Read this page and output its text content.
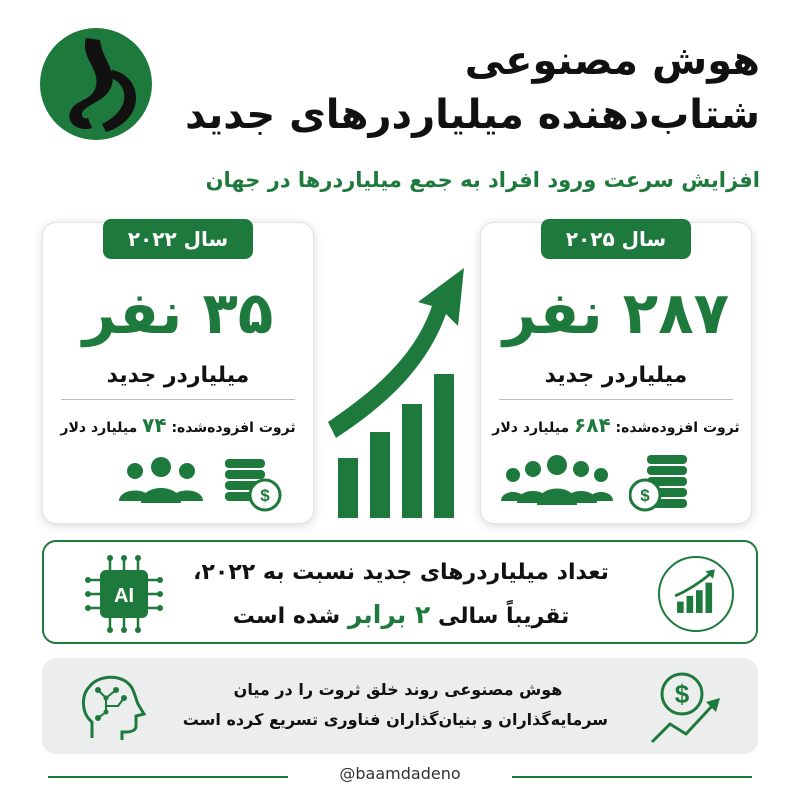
هوش مصنوعی
شتاب‌دهنده میلیاردرهای جدید
افزایش سرعت ورود افراد به جمع میلیاردرها در جهان
سال ۲۰۲۲
۳۵ نفر
میلیاردر جدید
ثروت افزوده‌شده: ۷۴ میلیارد دلار
$
سال ۲۰۲۵
۲۸۷ نفر
میلیاردر جدید
ثروت افزوده‌شده: ۶۸۴ میلیارد دلار
$
AI
تعداد میلیاردرهای جدید نسبت به ۲۰۲۲،
تقریباً سالی ۲ برابر شده است
هوش مصنوعی روند خلق ثروت را در میان
سرمایه‌گذاران و بنیان‌گذاران فناوری تسریع کرده است
$
@baamdadeno
